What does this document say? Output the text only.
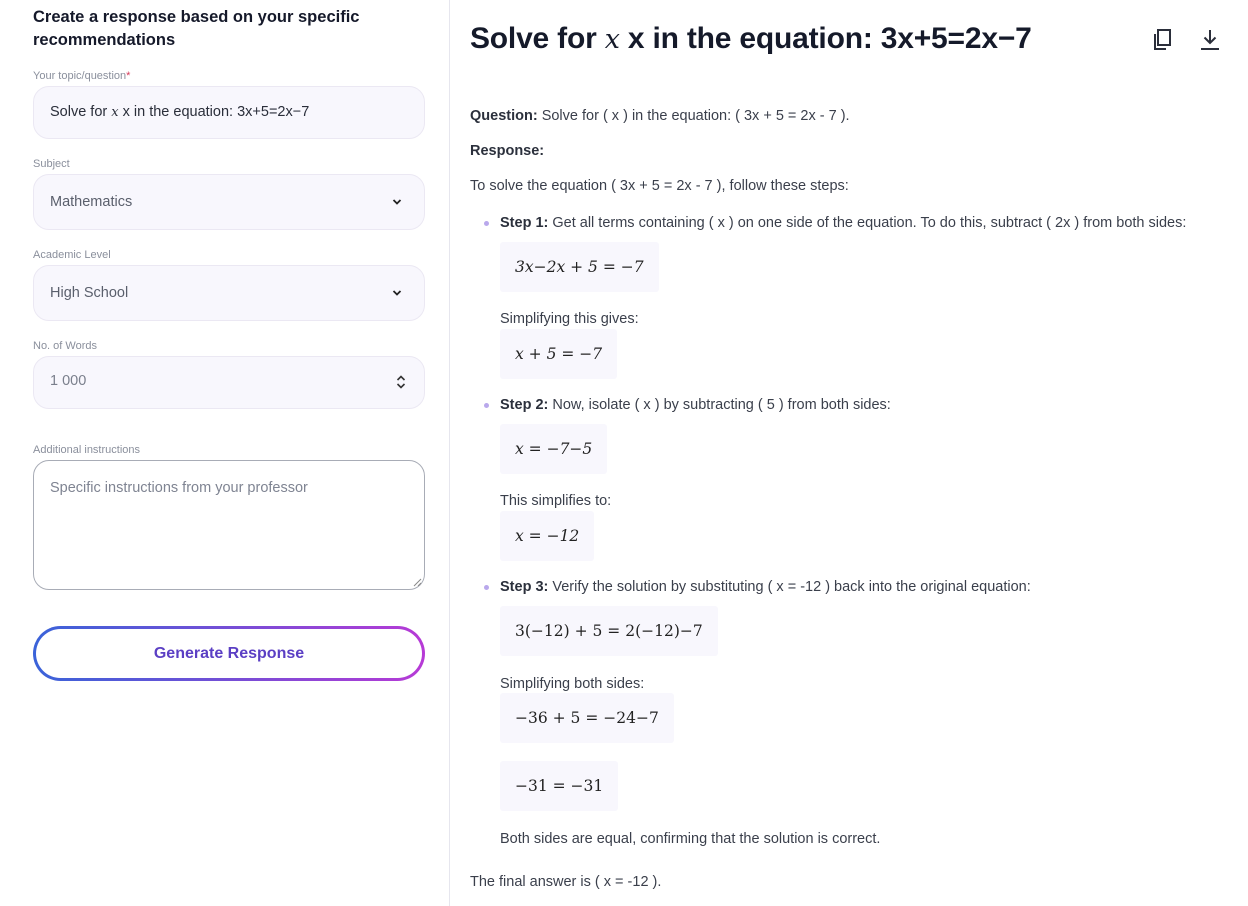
Create a response based on your specific recommendations
Your topic/question*
Solve for x x in the equation: 3x+5=2x−7
Subject
Mathematics
Academic Level
High School
No. of Words
1 000
Additional instructions
Specific instructions from your professor
Generate Response
Solve for x x in the equation: 3x+5=2x−7
Question: Solve for ( x ) in the equation: ( 3x + 5 = 2x - 7 ).
Response:
To solve the equation ( 3x + 5 = 2x - 7 ), follow these steps:
Step 1: Get all terms containing ( x ) on one side of the equation. To do this, subtract ( 2x ) from both sides:
3x−2x + 5 = −7
Simplifying this gives:
x + 5 = −7
Step 2: Now, isolate ( x ) by subtracting ( 5 ) from both sides:
x = −7−5
This simplifies to:
x = −12
Step 3: Verify the solution by substituting ( x = -12 ) back into the original equation:
3(−12) + 5 = 2(−12)−7
Simplifying both sides:
−36 + 5 = −24−7
−31 = −31
Both sides are equal, confirming that the solution is correct.
The final answer is ( x = -12 ).
